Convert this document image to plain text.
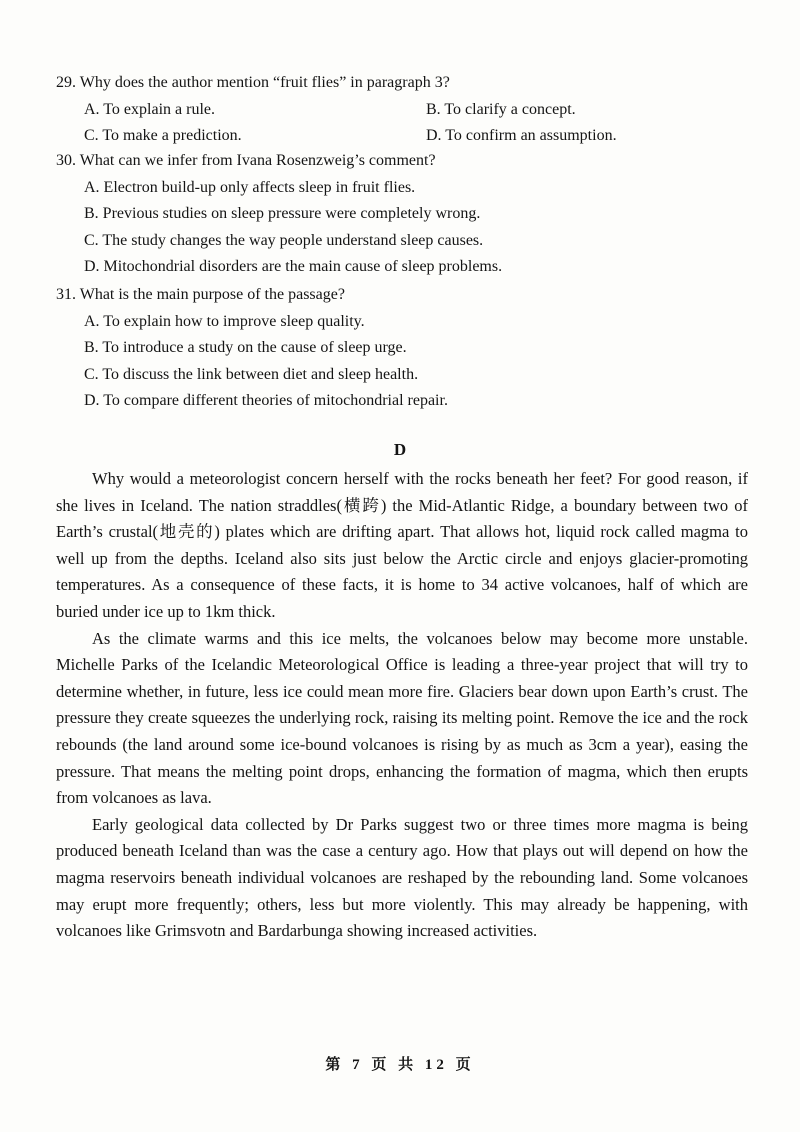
29. Why does the author mention “fruit flies” in paragraph 3?
A. To explain a rule.	B. To clarify a concept.
C. To make a prediction.	D. To confirm an assumption.
30. What can we infer from Ivana Rosenzweig’s comment?
A. Electron build-up only affects sleep in fruit flies.
B. Previous studies on sleep pressure were completely wrong.
C. The study changes the way people understand sleep causes.
D. Mitochondrial disorders are the main cause of sleep problems.
31. What is the main purpose of the passage?
A. To explain how to improve sleep quality.
B. To introduce a study on the cause of sleep urge.
C. To discuss the link between diet and sleep health.
D. To compare different theories of mitochondrial repair.
D

Why would a meteorologist concern herself with the rocks beneath her feet? For good reason, if she lives in Iceland. The nation straddles(横跨) the Mid-Atlantic Ridge, a boundary between two of Earth’s crustal(地壳的) plates which are drifting apart. That allows hot, liquid rock called magma to well up from the depths. Iceland also sits just below the Arctic circle and enjoys glacier-promoting temperatures. As a consequence of these facts, it is home to 34 active volcanoes, half of which are buried under ice up to 1km thick.

As the climate warms and this ice melts, the volcanoes below may become more unstable. Michelle Parks of the Icelandic Meteorological Office is leading a three-year project that will try to determine whether, in future, less ice could mean more fire. Glaciers bear down upon Earth’s crust. The pressure they create squeezes the underlying rock, raising its melting point. Remove the ice and the rock rebounds (the land around some ice-bound volcanoes is rising by as much as 3cm a year), easing the pressure. That means the melting point drops, enhancing the formation of magma, which then erupts from volcanoes as lava.

Early geological data collected by Dr Parks suggest two or three times more magma is being produced beneath Iceland than was the case a century ago. How that plays out will depend on how the magma reservoirs beneath individual volcanoes are reshaped by the rebounding land. Some volcanoes may erupt more frequently; others, less but more violently. This may already be happening, with volcanoes like Grimsvotn and Bardarbunga showing increased activities.

第 7 页 共 12 页
